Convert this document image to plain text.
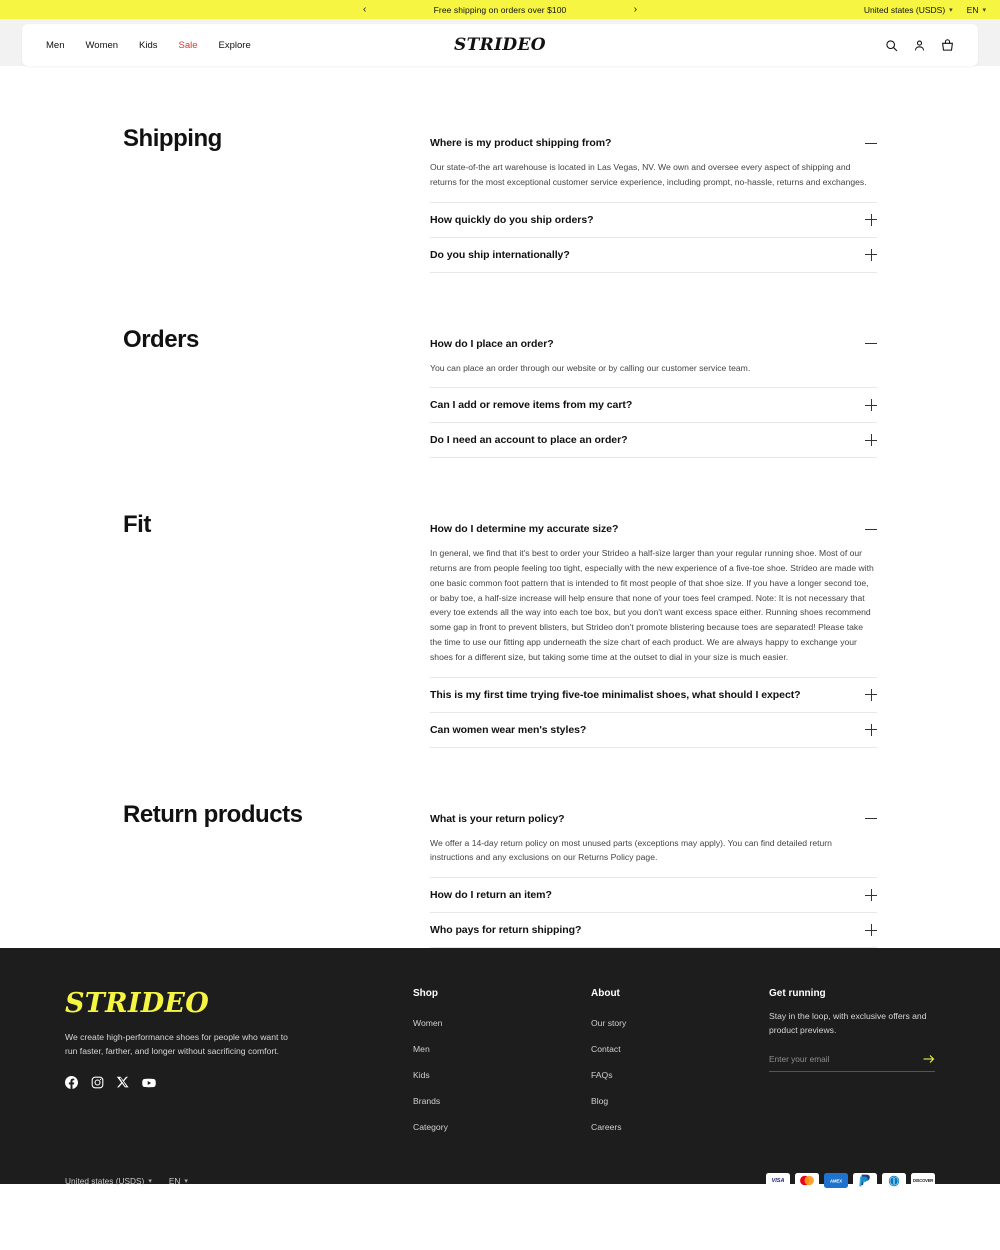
‹	Free shipping on orders over $100	›	United states (USDS) ▾ EN ▾
Men Women Kids Sale Explore	STRIDEO
Shipping	Where is my product shipping from?
Our state-of-the art warehouse is located in Las Vegas, NV. We own and oversee every aspect of shipping and returns for the most exceptional customer service experience, including prompt, no-hassle, returns and exchanges.
How quickly do you ship orders?
Do you ship internationally?
Orders	How do I place an order?
You can place an order through our website or by calling our customer service team.
Can I add or remove items from my cart?
Do I need an account to place an order?
Fit	How do I determine my accurate size?
In general, we find that it's best to order your Strideo a half-size larger than your regular running shoe. Most of our returns are from people feeling too tight, especially with the new experience of a five-toe shoe. Strideo are made with one basic common foot pattern that is intended to fit most people of that shoe size. If you have a longer second toe, or baby toe, a half-size increase will help ensure that none of your toes feel cramped. Note: It is not necessary that every toe extends all the way into each toe box, but you don't want excess space either. Running shoes recommend some gap in front to prevent blisters, but Strideo don't promote blistering because toes are separated! Please take the time to use our fitting app underneath the size chart of each product. We are always happy to exchange your shoes for a different size, but taking some time at the outset to dial in your size is much easier.
This is my first time trying five-toe minimalist shoes, what should I expect?
Can women wear men's styles?
Return products	What is your return policy?
We offer a 14-day return policy on most unused parts (exceptions may apply). You can find detailed return instructions and any exclusions on our Returns Policy page.
How do I return an item?
Who pays for return shipping?
STRIDEO
We create high-performance shoes for people who want to run faster, farther, and longer without sacrificing comfort.
Shop
Women
Men
Kids
Brands
Category
About
Our story
Contact
FAQs
Blog
Careers
Get running
Stay in the loop, with exclusive offers and product previews.
Enter your email
United states (USDS) ▾ EN ▾	VISA	AMEX	DISCOVER
